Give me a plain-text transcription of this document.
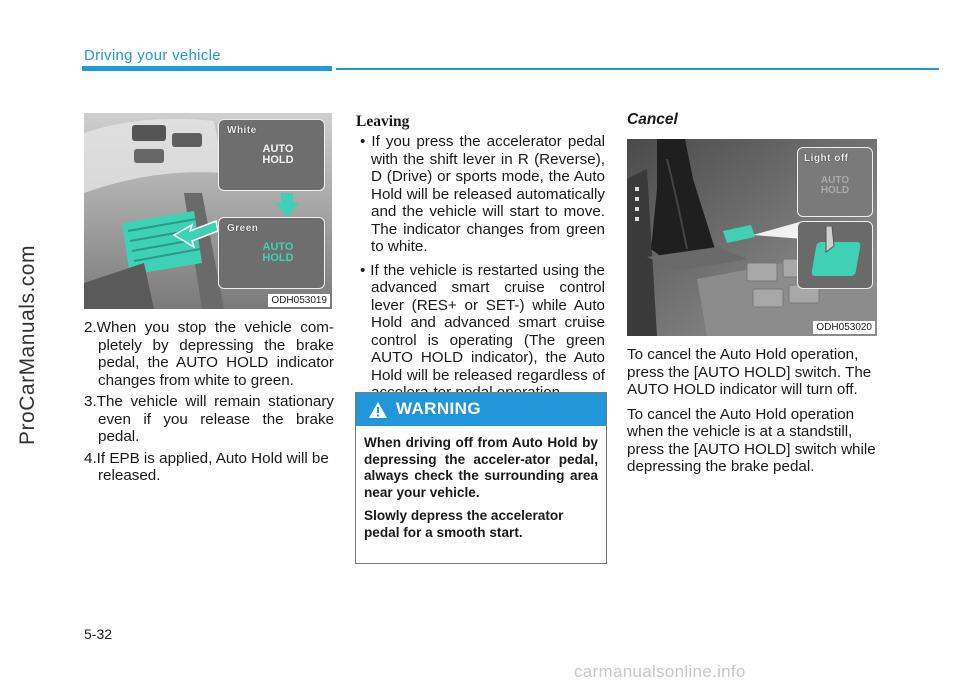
Driving your vehicle
ProCarManuals.com
White
AUTO
HOLD
Green
AUTO
HOLD
ODH053019

2.When you stop the vehicle com-pletely by depressing the brake pedal, the AUTO HOLD indicator changes from white to green.

3.The vehicle will remain stationary even if you release the brake pedal.

4.If EPB is applied, Auto Hold will be released.

Leaving
• If you press the accelerator pedal with the shift lever in R (Reverse), D (Drive) or sports mode, the Auto Hold will be released automatically and the vehicle will start to move. The indicator changes from green to white.
• If the vehicle is restarted using the advanced smart cruise control lever (RES+ or SET-) while Auto Hold and advanced smart cruise control is operating (The green AUTO HOLD indicator), the Auto Hold will be released regardless of
WARNING

When driving off from Auto Hold by depressing the acceler-ator pedal, always check the surrounding area near your vehicle.

Slowly depress the accelerator pedal for a smooth start.

Cancel
Light off
AUTO
HOLD
ODH053020

To cancel the Auto Hold operation, press the [AUTO HOLD] switch. The AUTO HOLD indicator will turn off.

To cancel the Auto Hold operation when the vehicle is at a standstill, press the [AUTO HOLD] switch while depressing the brake pedal.

5-32
carmanualsonline.info
